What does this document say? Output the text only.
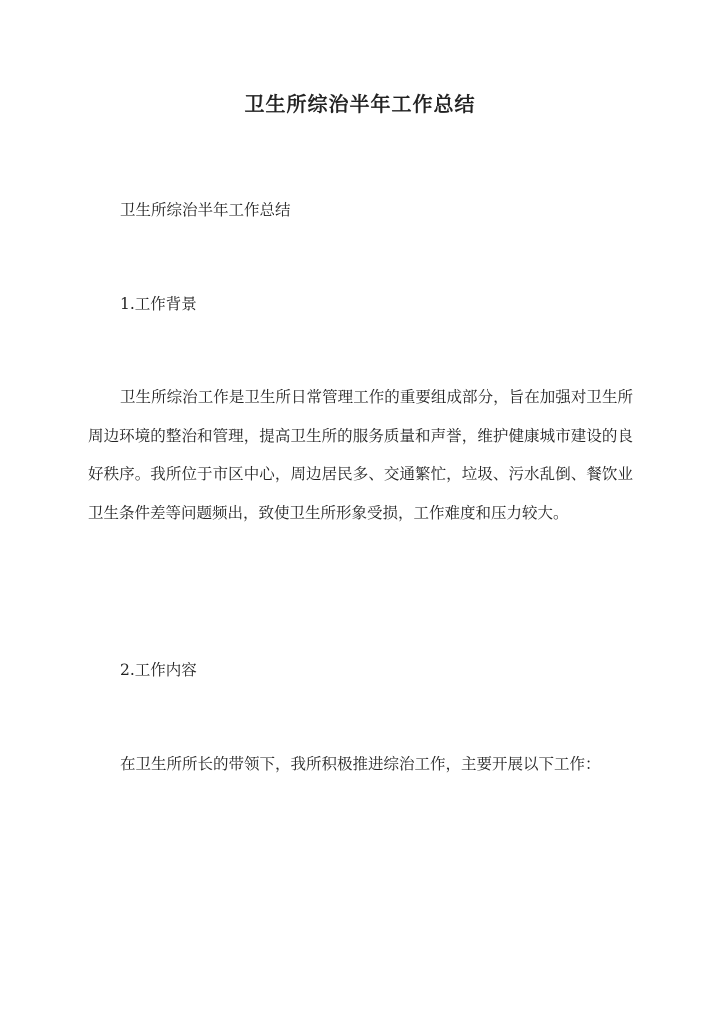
卫生所综治半年工作总结

卫生所综治半年工作总结

1.工作背景

卫生所综治工作是卫生所日常管理工作的重要组成部分，旨在加强对卫生所周边环境的整治和管理，提高卫生所的服务质量和声誉，维护健康城市建设的良好秩序。我所位于市区中心，周边居民多、交通繁忙，垃圾、污水乱倒、餐饮业卫生条件差等问题频出，致使卫生所形象受损，工作难度和压力较大。

2.工作内容

在卫生所所长的带领下，我所积极推进综治工作，主要开展以下工作：
